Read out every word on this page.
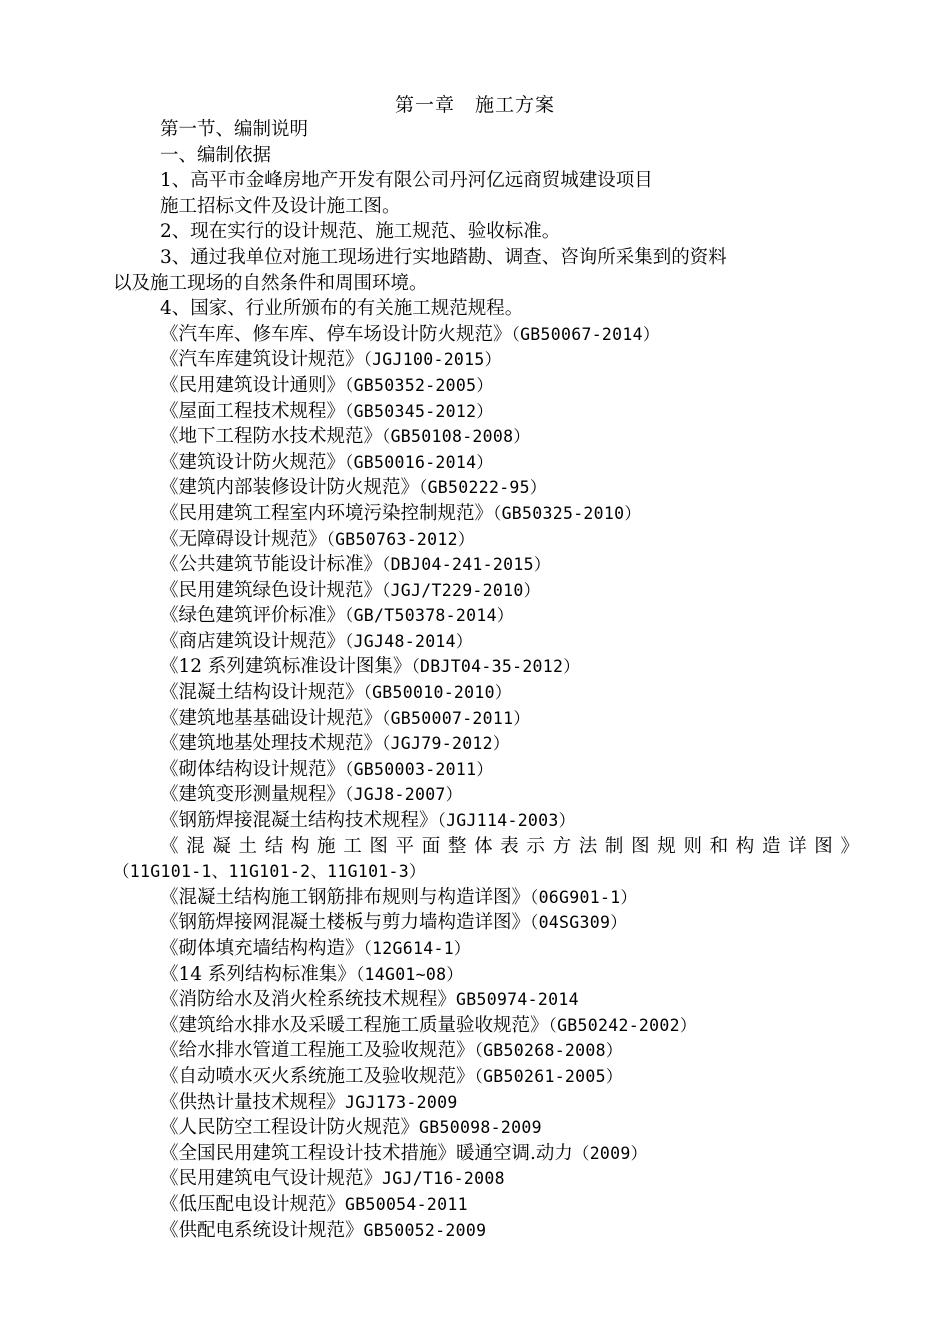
第一章　施工方案
第一节、编制说明
一、编制依据
1、高平市金峰房地产开发有限公司丹河亿远商贸城建设项目
施工招标文件及设计施工图。
2、现在实行的设计规范、施工规范、验收标准。
3、通过我单位对施工现场进行实地踏勘、调查、咨询所采集到的资料
以及施工现场的自然条件和周围环境。
4、国家、行业所颁布的有关施工规范规程。
《汽车库、修车库、停车场设计防火规范》（GB50067-2014）
《汽车库建筑设计规范》（JGJ100-2015）
《民用建筑设计通则》（GB50352-2005）
《屋面工程技术规程》（GB50345-2012）
《地下工程防水技术规范》（GB50108-2008）
《建筑设计防火规范》（GB50016-2014）
《建筑内部装修设计防火规范》（GB50222-95）
《民用建筑工程室内环境污染控制规范》（GB50325-2010）
《无障碍设计规范》（GB50763-2012）
《公共建筑节能设计标准》（DBJ04-241-2015）
《民用建筑绿色设计规范》（JGJ/T229-2010）
《绿色建筑评价标准》（GB/T50378-2014）
《商店建筑设计规范》（JGJ48-2014）
《12 系列建筑标准设计图集》（DBJT04-35-2012）
《混凝土结构设计规范》（GB50010-2010）
《建筑地基基础设计规范》（GB50007-2011）
《建筑地基处理技术规范》（JGJ79-2012）
《砌体结构设计规范》（GB50003-2011）
《建筑变形测量规程》（JGJ8-2007）
《钢筋焊接混凝土结构技术规程》（JGJ114-2003）
《 混 凝 土 结 构 施 工 图 平 面 整 体 表 示 方 法 制 图 规 则 和 构 造 详 图 》
（11G101-1、11G101-2、11G101-3）
《混凝土结构施工钢筋排布规则与构造详图》（06G901-1）
《钢筋焊接网混凝土楼板与剪力墙构造详图》（04SG309）
《砌体填充墙结构构造》（12G614-1）
《14 系列结构标准集》（14G01~08）
《消防给水及消火栓系统技术规程》GB50974-2014
《建筑给水排水及采暖工程施工质量验收规范》（GB50242-2002）
《给水排水管道工程施工及验收规范》（GB50268-2008）
《自动喷水灭火系统施工及验收规范》（GB50261-2005）
《供热计量技术规程》JGJ173-2009
《人民防空工程设计防火规范》GB50098-2009
《全国民用建筑工程设计技术措施》暖通空调.动力（2009）
《民用建筑电气设计规范》JGJ/T16-2008
《低压配电设计规范》GB50054-2011
《供配电系统设计规范》GB50052-2009
